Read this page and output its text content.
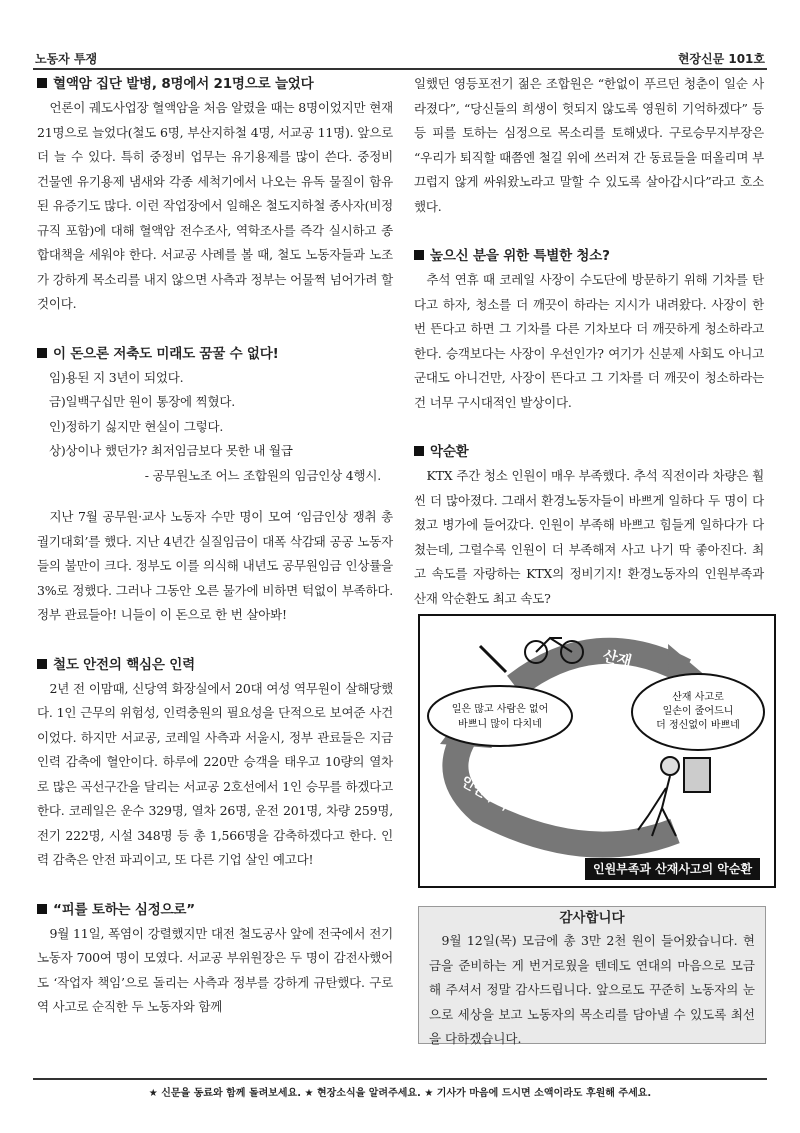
노동자 투쟁	현장신문 101호
혈액암 집단 발병, 8명에서 21명으로 늘었다

언론이 궤도사업장 혈액암을 처음 알렸을 때는 8명이었지만 현재 21명으로 늘었다(철도 6명, 부산지하철 4명, 서교공 11명). 앞으로 더 늘 수 있다. 특히 중정비 업무는 유기용제를 많이 쓴다. 중정비 건물엔 유기용제 냄새와 각종 세척기에서 나오는 유독 물질이 함유된 유증기도 많다. 이런 작업장에서 일해온 철도지하철 종사자(비정규직 포함)에 대해 혈액암 전수조사, 역학조사를 즉각 실시하고 종합대책을 세워야 한다. 서교공 사례를 볼 때, 철도 노동자들과 노조가 강하게 목소리를 내지 않으면 사측과 정부는 어물쩍 넘어가려 할 것이다.

이 돈으론 저축도 미래도 꿈꿀 수 없다!

임)용된 지 3년이 되었다.

금)일백구십만 원이 통장에 찍혔다.

인)정하기 싫지만 현실이 그렇다.

상)상이나 했던가? 최저임금보다 못한 내 월급

- 공무원노조 어느 조합원의 임금인상 4행시.

지난 7월 공무원·교사 노동자 수만 명이 모여 ‘임금인상 쟁취 총궐기대회’를 했다. 지난 4년간 실질임금이 대폭 삭감돼 공공 노동자들의 불만이 크다. 정부도 이를 의식해 내년도 공무원임금 인상률을 3%로 정했다. 그러나 그동안 오른 물가에 비하면 턱없이 부족하다. 정부 관료들아! 니들이 이 돈으로 한 번 살아봐!

철도 안전의 핵심은 인력

2년 전 이맘때, 신당역 화장실에서 20대 여성 역무원이 살해당했다. 1인 근무의 위험성, 인력충원의 필요성을 단적으로 보여준 사건이었다. 하지만 서교공, 코레일 사측과 서울시, 정부 관료들은 지금 인력 감축에 혈안이다. 하루에 220만 승객을 태우고 10량의 열차로 많은 곡선구간을 달리는 서교공 2호선에서 1인 승무를 하겠다고 한다. 코레일은 운수 329명, 열차 26명, 운전 201명, 차량 259명, 전기 222명, 시설 348명 등 총 1,566명을 감축하겠다고 한다. 인력 감축은 안전 파괴이고, 또 다른 기업 살인 예고다!

“피를 토하는 심정으로”

9월 11일, 폭염이 강렬했지만 대전 철도공사 앞에 전국에서 전기노동자 700여 명이 모였다. 서교공 부위원장은 두 명이 감전사했어도 ‘작업자 책임’으로 돌리는 사측과 정부를 강하게 규탄했다. 구로역 사고로 순직한 두 노동자와 함께

일했던 영등포전기 젊은 조합원은 “한없이 푸르던 청춘이 일순 사라졌다”, “당신들의 희생이 헛되지 않도록 영원히 기억하겠다” 등등 피를 토하는 심정으로 목소리를 토해냈다. 구로승무지부장은 “우리가 퇴직할 때쯤엔 철길 위에 쓰러져 간 동료들을 떠올리며 부끄럽지 않게 싸워왔노라고 말할 수 있도록 살아갑시다”라고 호소했다.

높으신 분을 위한 특별한 청소?

추석 연휴 때 코레일 사장이 수도단에 방문하기 위해 기차를 탄다고 하자, 청소를 더 깨끗이 하라는 지시가 내려왔다. 사장이 한 번 뜬다고 하면 그 기차를 다른 기차보다 더 깨끗하게 청소하라고 한다. 승객보다는 사장이 우선인가? 여기가 신분제 사회도 아니고 군대도 아니건만, 사장이 뜬다고 그 기차를 더 깨끗이 청소하라는 건 너무 구시대적인 발상이다.

악순환

KTX 주간 청소 인원이 매우 부족했다. 추석 직전이라 차량은 훨씬 더 많아졌다. 그래서 환경노동자들이 바쁘게 일하다 두 명이 다쳤고 병가에 들어갔다. 인원이 부족해 바쁘고 힘들게 일하다가 다쳤는데, 그럴수록 인원이 더 부족해져 사고 나기 딱 좋아진다. 최고 속도를 자랑하는 KTX의 정비기지! 환경노동자의 인원부족과 산재 악순환도 최고 속도?

산재
인원부족
일은 많고 사람은 없어
바쁘니 많이 다치네
산재 사고로
일손이 줄어드니
더 정신없이 바쁘네
인원부족과 산재사고의 악순환
감사합니다

9월 12일(목) 모금에 총 3만 2천 원이 들어왔습니다. 현금을 준비하는 게 번거로웠을 텐데도 연대의 마음으로 모금해 주셔서 정말 감사드립니다. 앞으로도 꾸준히 노동자의 눈으로 세상을 보고 노동자의 목소리를 담아낼 수 있도록 최선을 다하겠습니다.

★ 신문을 동료와 함께 돌려보세요. ★ 현장소식을 알려주세요. ★ 기사가 마음에 드시면 소액이라도 후원해 주세요.
